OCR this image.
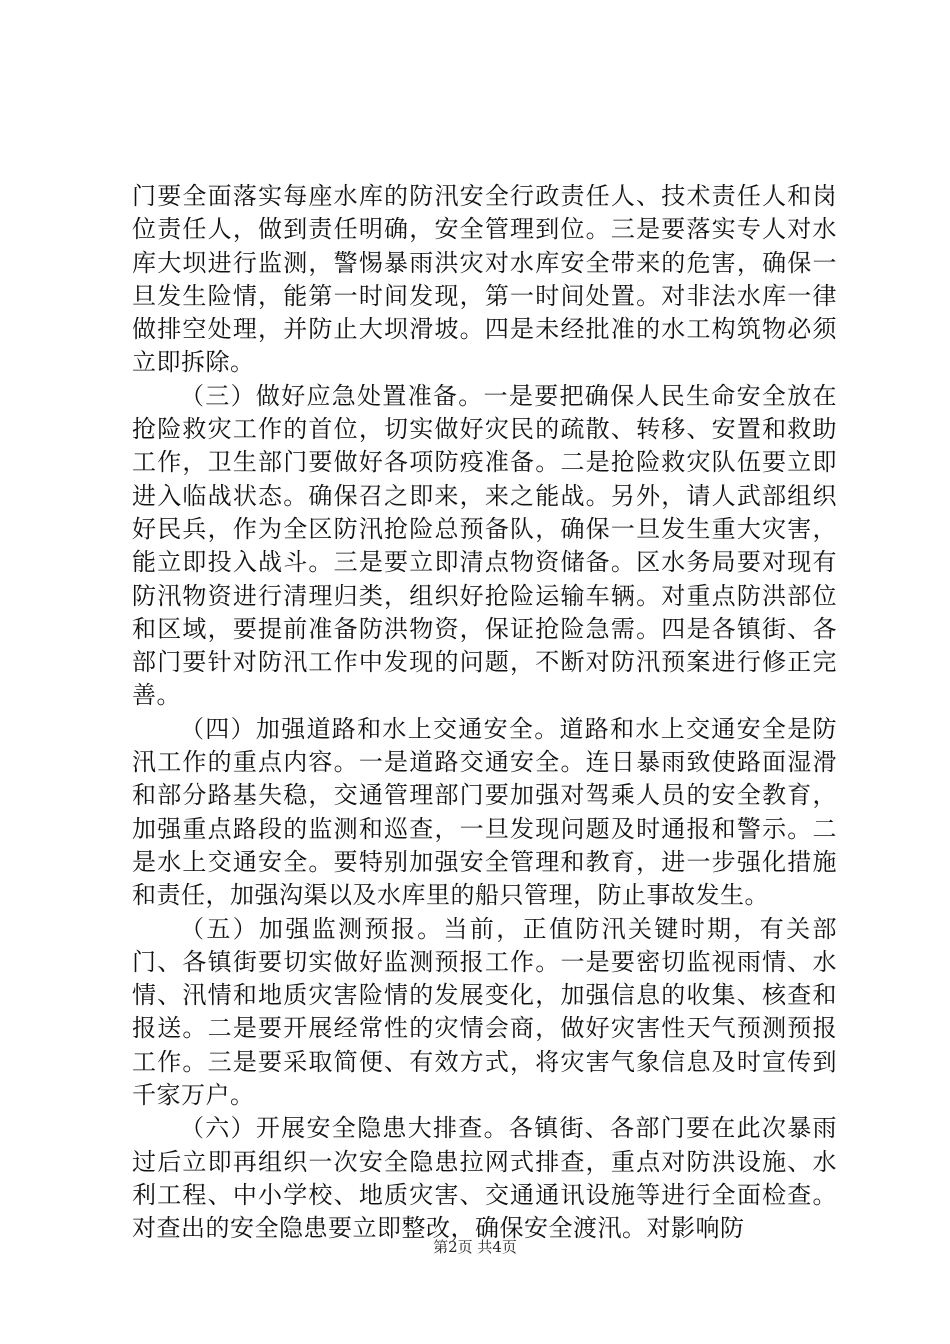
门要全面落实每座水库的防汛安全行政责任人、技术责任人和岗位责任人，做到责任明确，安全管理到位。三是要落实专人对水库大坝进行监测，警惕暴雨洪灾对水库安全带来的危害，确保一旦发生险情，能第一时间发现，第一时间处置。对非法水库一律做排空处理，并防止大坝滑坡。四是未经批准的水工构筑物必须立即拆除。

（三）做好应急处置准备。一是要把确保人民生命安全放在抢险救灾工作的首位，切实做好灾民的疏散、转移、安置和救助工作，卫生部门要做好各项防疫准备。二是抢险救灾队伍要立即进入临战状态。确保召之即来，来之能战。另外，请人武部组织好民兵，作为全区防汛抢险总预备队，确保一旦发生重大灾害，能立即投入战斗。三是要立即清点物资储备。区水务局要对现有防汛物资进行清理归类，组织好抢险运输车辆。对重点防洪部位和区域，要提前准备防洪物资，保证抢险急需。四是各镇街、各部门要针对防汛工作中发现的问题，不断对防汛预案进行修正完善。

（四）加强道路和水上交通安全。道路和水上交通安全是防汛工作的重点内容。一是道路交通安全。连日暴雨致使路面湿滑和部分路基失稳，交通管理部门要加强对驾乘人员的安全教育，加强重点路段的监测和巡查，一旦发现问题及时通报和警示。二是水上交通安全。要特别加强安全管理和教育，进一步强化措施和责任，加强沟渠以及水库里的船只管理，防止事故发生。

（五）加强监测预报。当前，正值防汛关键时期，有关部门、各镇街要切实做好监测预报工作。一是要密切监视雨情、水情、汛情和地质灾害险情的发展变化，加强信息的收集、核查和报送。二是要开展经常性的灾情会商，做好灾害性天气预测预报工作。三是要采取简便、有效方式，将灾害气象信息及时宣传到千家万户。

（六）开展安全隐患大排查。各镇街、各部门要在此次暴雨过后立即再组织一次安全隐患拉网式排查，重点对防洪设施、水利工程、中小学校、地质灾害、交通通讯设施等进行全面检查。对查出的安全隐患要立即整改，确保安全渡汛。对影响防

第2页 共4页
